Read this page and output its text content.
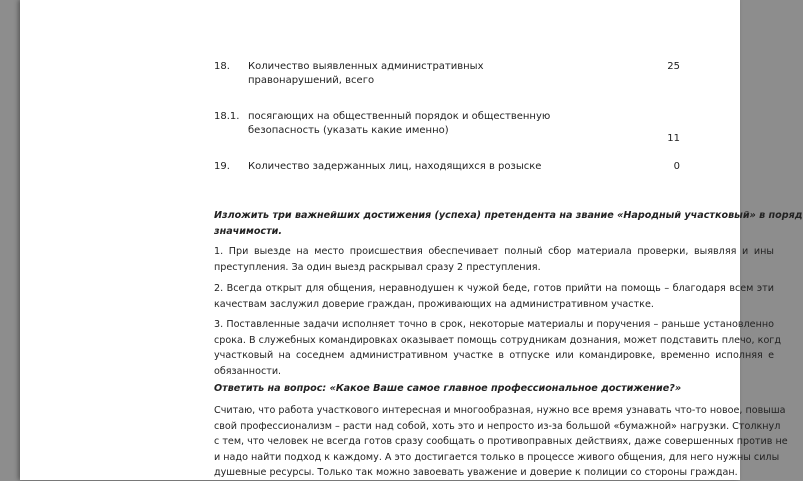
18. Количество выявленных административных
правонарушений, всего
25
18.1. посягающих на общественный порядок и общественную
безопасность (указать какие именно)
11
19. Количество задержанных лиц, находящихся в розыске	0
Изложить три важнейших достижения (успеха) претендента на звание «Народный участковый» в поряд
значимости.
1. При выезде на место происшествия обеспечивает полный сбор материала проверки, выявляя и ины
преступления. За один выезд раскрывал сразу 2 преступления.
2. Всегда открыт для общения, неравнодушен к чужой беде, готов прийти на помощь – благодаря всем эти
качествам заслужил доверие граждан, проживающих на административном участке.
3. Поставленные задачи исполняет точно в срок, некоторые материалы и поручения – раньше установленно
срока. В служебных командировках оказывает помощь сотрудникам дознания, может подставить плечо, когд
участковый на соседнем административном участке в отпуске или командировке, временно исполняя е
обязанности.
Ответить на вопрос: «Какое Ваше самое главное профессиональное достижение?»
Считаю, что работа участкового интересная и многообразная, нужно все время узнавать что-то новое, повыша
свой профессионализм – расти над собой, хоть это и непросто из-за большой «бумажной» нагрузки. Столкнул
с тем, что человек не всегда готов сразу сообщать о противоправных действиях, даже совершенных против не
и надо найти подход к каждому. А это достигается только в процессе живого общения, для него нужны силы
душевные ресурсы. Только так можно завоевать уважение и доверие к полиции со стороны граждан.
